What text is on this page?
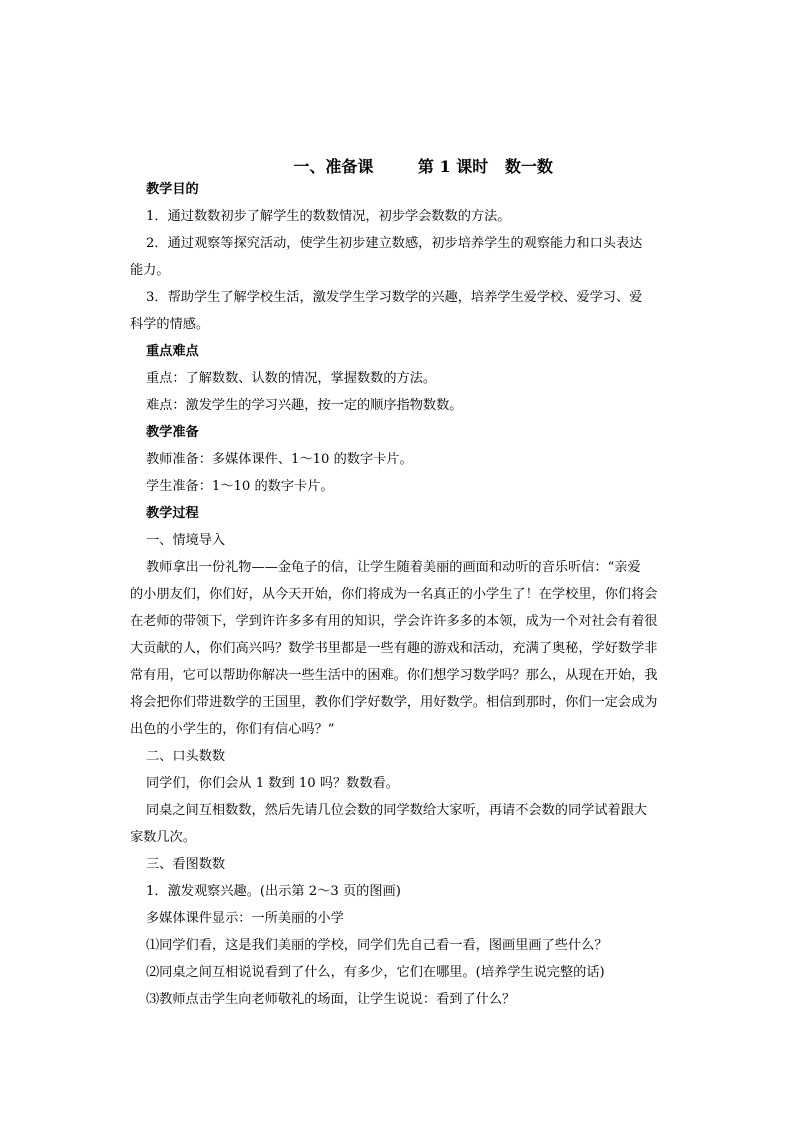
一、准备课	第 1 课时 数一数

教学目的
1．通过数数初步了解学生的数数情况，初步学会数数的方法。
2．通过观察等探究活动，使学生初步建立数感，初步培养学生的观察能力和口头表达
能力。
3．帮助学生了解学校生活，激发学生学习数学的兴趣，培养学生爱学校、爱学习、爱
科学的情感。
重点难点
重点：了解数数、认数的情况，掌握数数的方法。
难点：激发学生的学习兴趣，按一定的顺序指物数数。
教学准备
教师准备：多媒体课件、1～10 的数字卡片。
学生准备：1～10 的数字卡片。
教学过程
一、情境导入
教师拿出一份礼物——金龟子的信，让学生随着美丽的画面和动听的音乐听信：“亲爱
的小朋友们，你们好，从今天开始，你们将成为一名真正的小学生了！在学校里，你们将会
在老师的带领下，学到许许多多有用的知识，学会许许多多的本领，成为一个对社会有着很
大贡献的人，你们高兴吗？数学书里都是一些有趣的游戏和活动，充满了奥秘，学好数学非
常有用，它可以帮助你解决一些生活中的困难。你们想学习数学吗？那么，从现在开始，我
将会把你们带进数学的王国里，教你们学好数学，用好数学。相信到那时，你们一定会成为
出色的小学生的，你们有信心吗？”
二、口头数数
同学们，你们会从 1 数到 10 吗？数数看。
同桌之间互相数数，然后先请几位会数的同学数给大家听，再请不会数的同学试着跟大
家数几次。
三、看图数数
1．激发观察兴趣。(出示第 2～3 页的图画)
多媒体课件显示：一所美丽的小学
⑴同学们看，这是我们美丽的学校，同学们先自己看一看，图画里画了些什么？
⑵同桌之间互相说说看到了什么，有多少，它们在哪里。(培养学生说完整的话)
⑶教师点击学生向老师敬礼的场面，让学生说说：看到了什么？
